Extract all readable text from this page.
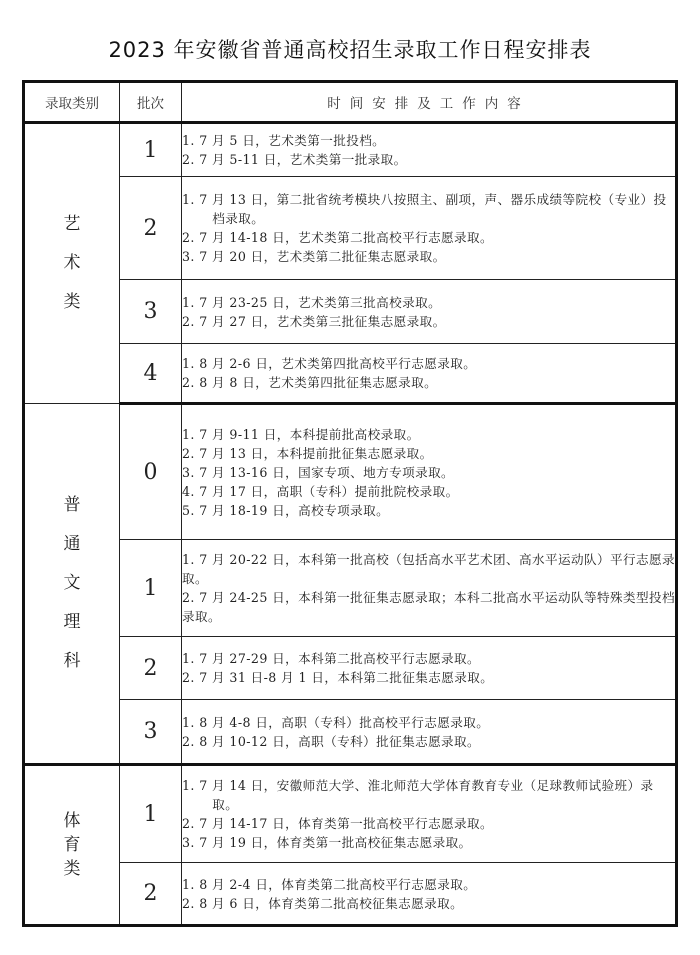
2023 年安徽省普通高校招生录取工作日程安排表
录取类别	批次	时间安排及工作内容
艺术类	1	1. 7 月 5 日，艺术类第一批投档。
2. 7 月 5-11 日，艺术类第一批录取。

	2	1. 7 月 13 日，第二批省统考模块八按照主、副项，声、器乐成绩等院校（专业）投档录取。
2. 7 月 14-18 日，艺术类第二批高校平行志愿录取。
3. 7 月 20 日，艺术类第二批征集志愿录取。

	3	1. 7 月 23-25 日，艺术类第三批高校录取。
2. 7 月 27 日，艺术类第三批征集志愿录取。

	4	1. 8 月 2-6 日，艺术类第四批高校平行志愿录取。
2. 8 月 8 日，艺术类第四批征集志愿录取。

普通文理科	0	1. 7 月 9-11 日，本科提前批高校录取。
2. 7 月 13 日，本科提前批征集志愿录取。
3. 7 月 13-16 日，国家专项、地方专项录取。
4. 7 月 17 日，高职（专科）提前批院校录取。
5. 7 月 18-19 日，高校专项录取。

	1	1. 7 月 20-22 日，本科第一批高校（包括高水平艺术团、高水平运动队）平行志愿录取。
2. 7 月 24-25 日，本科第一批征集志愿录取；本科二批高水平运动队等特殊类型投档录取。

	2	1. 7 月 27-29 日，本科第二批高校平行志愿录取。
2. 7 月 31 日-8 月 1 日，本科第二批征集志愿录取。

	3	1. 8 月 4-8 日，高职（专科）批高校平行志愿录取。
2. 8 月 10-12 日，高职（专科）批征集志愿录取。

体育类	1	1. 7 月 14 日，安徽师范大学、淮北师范大学体育教育专业（足球教师试验班）录取。
2. 7 月 14-17 日，体育类第一批高校平行志愿录取。
3. 7 月 19 日，体育类第一批高校征集志愿录取。

	2	1. 8 月 2-4 日，体育类第二批高校平行志愿录取。
2. 8 月 6 日，体育类第二批高校征集志愿录取。
